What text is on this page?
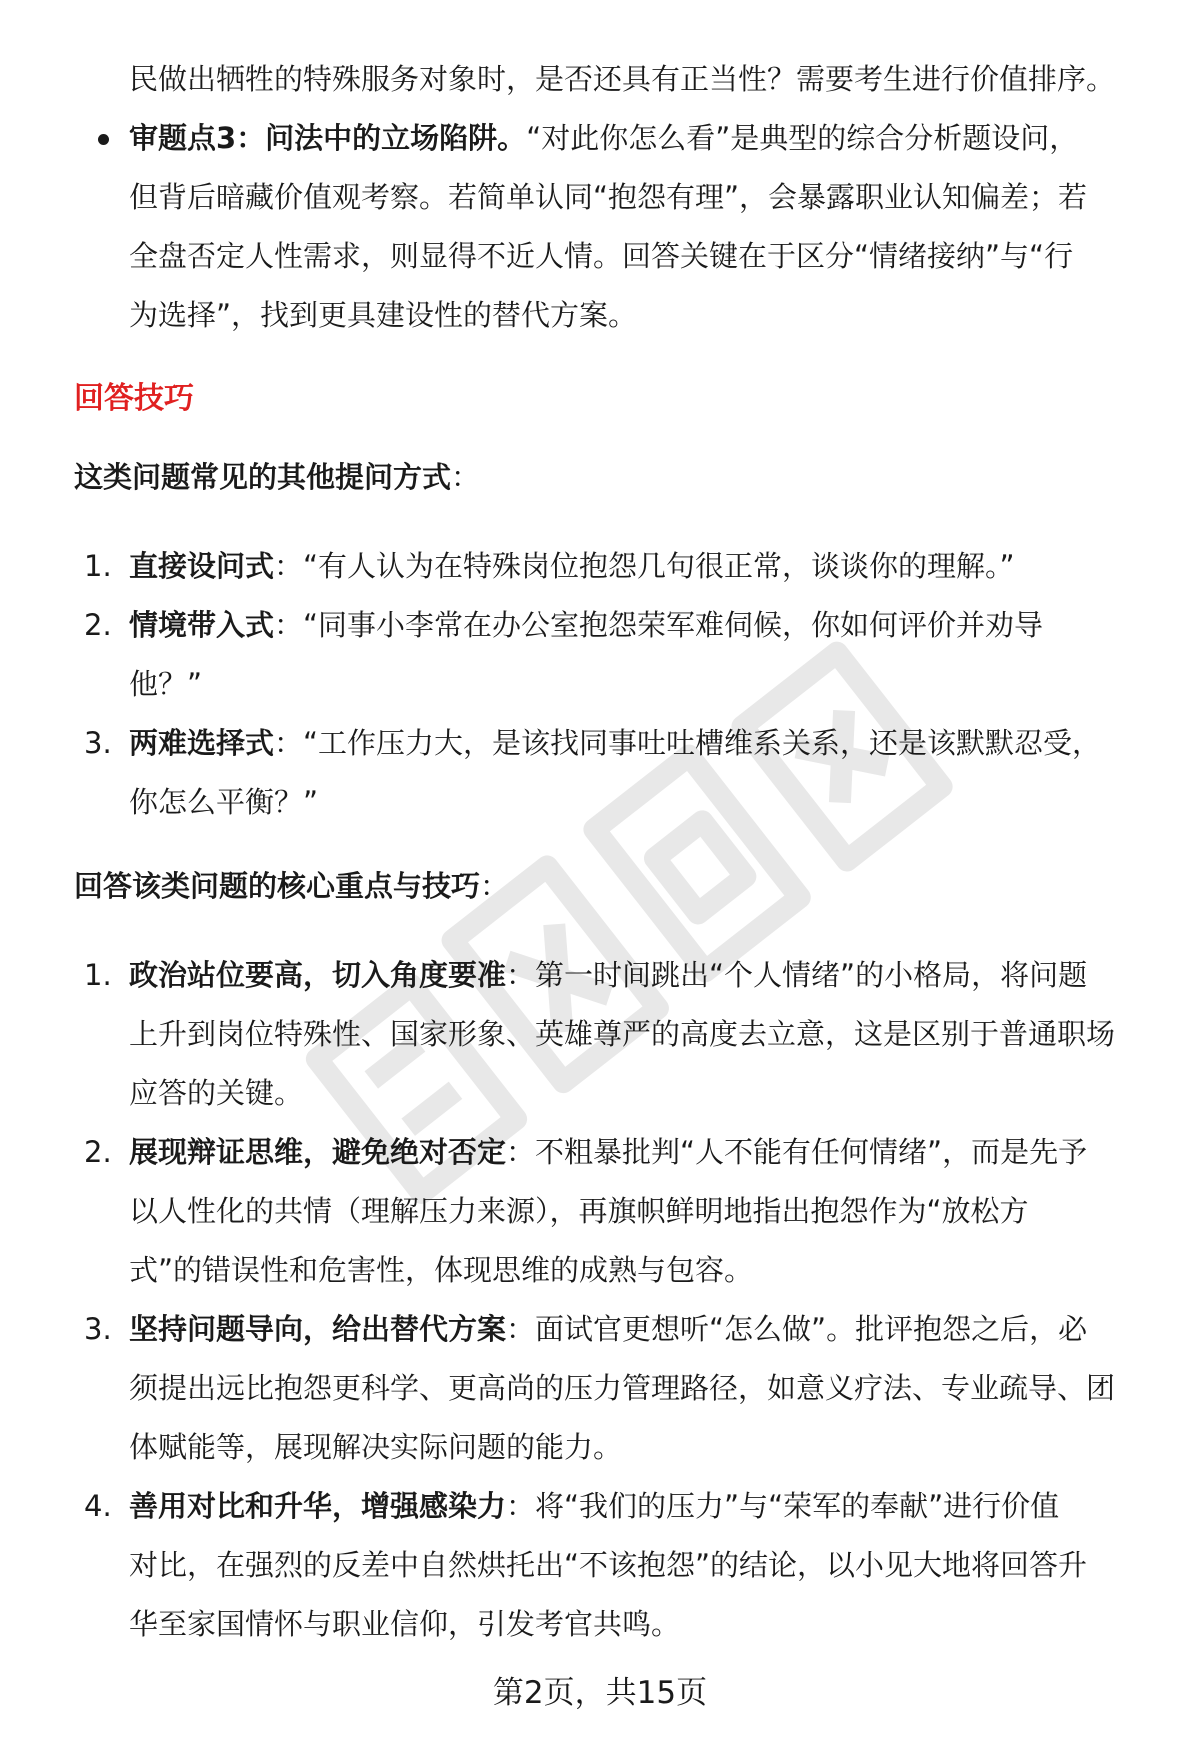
民做出牺牲的特殊服务对象时，是否还具有正当性？需要考生进行价值排序。

审题点3：问法中的立场陷阱。“对此你怎么看”是典型的综合分析题设问，
但背后暗藏价值观考察。若简单认同“抱怨有理”，会暴露职业认知偏差；若
全盘否定人性需求，则显得不近人情。回答关键在于区分“情绪接纳”与“行
为选择”，找到更具建设性的替代方案。

回答技巧

这类问题常见的其他提问方式：

1. 直接设问式：“有人认为在特殊岗位抱怨几句很正常，谈谈你的理解。”
2. 情境带入式：“同事小李常在办公室抱怨荣军难伺候，你如何评价并劝导
他？”
3. 两难选择式：“工作压力大，是该找同事吐吐槽维系关系，还是该默默忍受，
你怎么平衡？”

回答该类问题的核心重点与技巧：

1. 政治站位要高，切入角度要准：第一时间跳出“个人情绪”的小格局，将问题
上升到岗位特殊性、国家形象、英雄尊严的高度去立意，这是区别于普通职场
应答的关键。
2. 展现辩证思维，避免绝对否定：不粗暴批判“人不能有任何情绪”，而是先予
以人性化的共情（理解压力来源），再旗帜鲜明地指出抱怨作为“放松方
式”的错误性和危害性，体现思维的成熟与包容。
3. 坚持问题导向，给出替代方案：面试官更想听“怎么做”。批评抱怨之后，必
须提出远比抱怨更科学、更高尚的压力管理路径，如意义疗法、专业疏导、团
体赋能等，展现解决实际问题的能力。
4. 善用对比和升华，增强感染力：将“我们的压力”与“荣军的奉献”进行价值
对比，在强烈的反差中自然烘托出“不该抱怨”的结论，以小见大地将回答升
华至家国情怀与职业信仰，引发考官共鸣。
第2页，共15页
